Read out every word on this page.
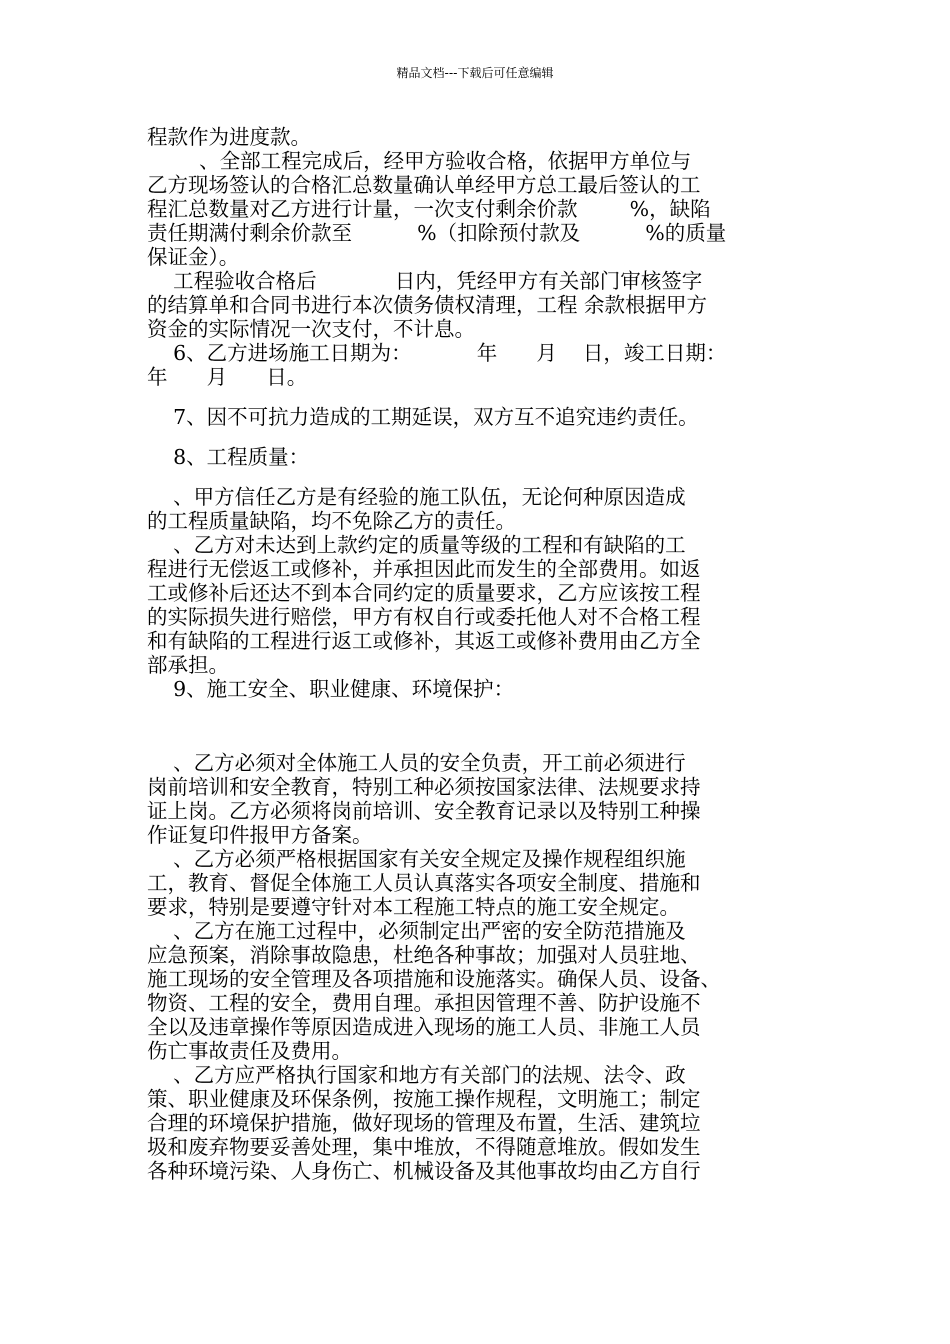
精品文档---下载后可任意编辑

程款作为进度款。

、全部工程完成后，经甲方验收合格，依据甲方单位与

乙方现场签认的合格汇总数量确认单经甲方总工最后签认的工

程汇总数量对乙方进行计量，一次支付剩余价款        %，缺陷

责任期满付剩余价款至          %（扣除预付款及          %的质量

保证金）。

工程验收合格后            日内，凭经甲方有关部门审核签字

的结算单和合同书进行本次债务债权清理，工程 余款根据甲方

资金的实际情况一次支付，不计息。

6、乙方进场施工日期为：          年      月    日，竣工日期：

年      月      日。

7、因不可抗力造成的工期延误，双方互不追究违约责任。

8、工程质量：

、甲方信任乙方是有经验的施工队伍，无论何种原因造成

的工程质量缺陷，均不免除乙方的责任。

、乙方对未达到上款约定的质量等级的工程和有缺陷的工

程进行无偿返工或修补，并承担因此而发生的全部费用。如返

工或修补后还达不到本合同约定的质量要求，乙方应该按工程

的实际损失进行赔偿，甲方有权自行或委托他人对不合格工程

和有缺陷的工程进行返工或修补，其返工或修补费用由乙方全

部承担。

9、施工安全、职业健康、环境保护：

、乙方必须对全体施工人员的安全负责，开工前必须进行

岗前培训和安全教育，特别工种必须按国家法律、法规要求持

证上岗。乙方必须将岗前培训、安全教育记录以及特别工种操

作证复印件报甲方备案。

、乙方必须严格根据国家有关安全规定及操作规程组织施

工，教育、督促全体施工人员认真落实各项安全制度、措施和

要求，特别是要遵守针对本工程施工特点的施工安全规定。

、乙方在施工过程中，必须制定出严密的安全防范措施及

应急预案，消除事故隐患，杜绝各种事故；加强对人员驻地、

施工现场的安全管理及各项措施和设施落实。确保人员、设备、

物资、工程的安全，费用自理。承担因管理不善、防护设施不

全以及违章操作等原因造成进入现场的施工人员、非施工人员

伤亡事故责任及费用。

、乙方应严格执行国家和地方有关部门的法规、法令、政

策、职业健康及环保条例，按施工操作规程，文明施工；制定

合理的环境保护措施，做好现场的管理及布置，生活、建筑垃

圾和废弃物要妥善处理，集中堆放，不得随意堆放。假如发生

各种环境污染、人身伤亡、机械设备及其他事故均由乙方自行
